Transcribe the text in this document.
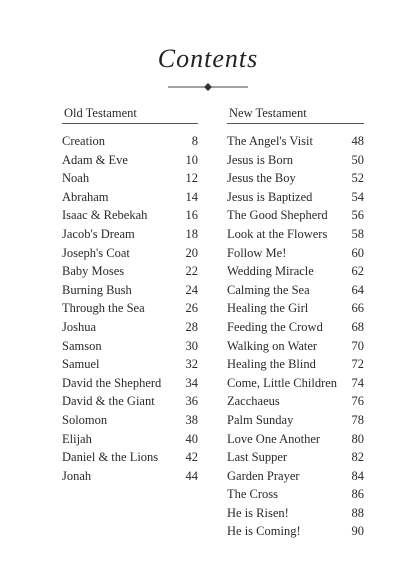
Contents
Old Testament
Creation	8
Adam & Eve	10
Noah	12
Abraham	14
Isaac & Rebekah	16
Jacob's Dream	18
Joseph's Coat	20
Baby Moses	22
Burning Bush	24
Through the Sea	26
Joshua	28
Samson	30
Samuel	32
David the Shepherd	34
David & the Giant	36
Solomon	38
Elijah	40
Daniel & the Lions	42
Jonah	44
New Testament
The Angel's Visit	48
Jesus is Born	50
Jesus the Boy	52
Jesus is Baptized	54
The Good Shepherd	56
Look at the Flowers	58
Follow Me!	60
Wedding Miracle	62
Calming the Sea	64
Healing the Girl	66
Feeding the Crowd	68
Walking on Water	70
Healing the Blind	72
Come, Little Children	74
Zacchaeus	76
Palm Sunday	78
Love One Another	80
Last Supper	82
Garden Prayer	84
The Cross	86
He is Risen!	88
He is Coming!	90
